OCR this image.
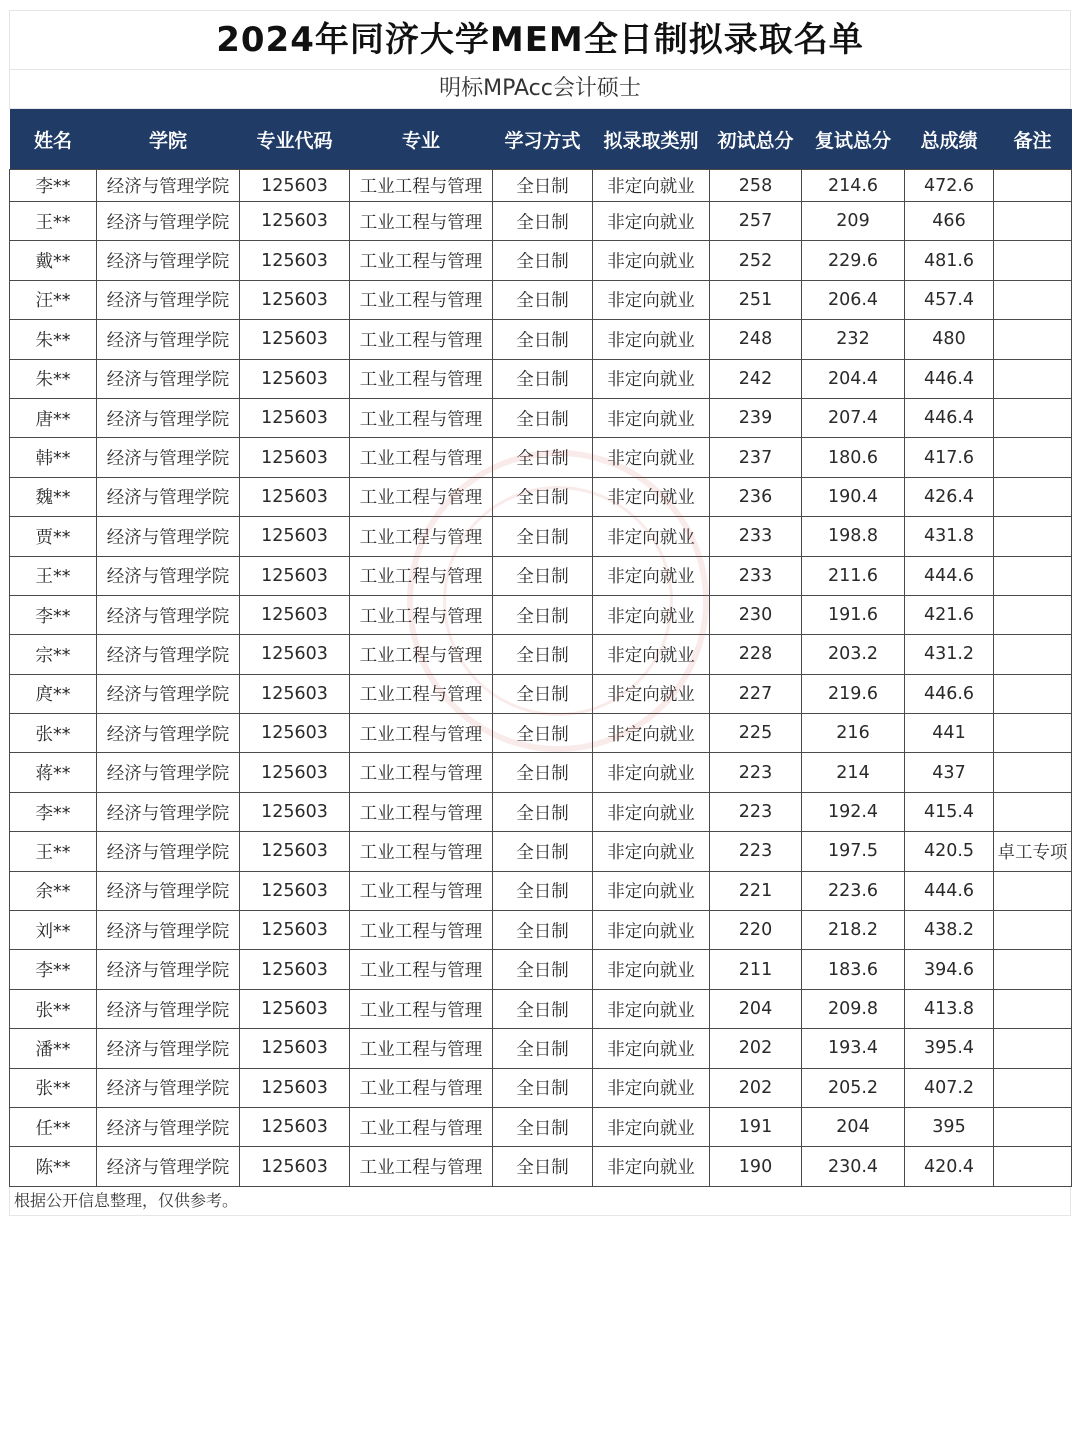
2024年同济大学MEM全日制拟录取名单
明标MPAcc会计硕士
姓名	学院	专业代码	专业	学习方式	拟录取类别	初试总分	复试总分	总成绩	备注
李**	经济与管理学院	125603	工业工程与管理	全日制	非定向就业	258	214.6	472.6	
王**	经济与管理学院	125603	工业工程与管理	全日制	非定向就业	257	209	466	
戴**	经济与管理学院	125603	工业工程与管理	全日制	非定向就业	252	229.6	481.6	
汪**	经济与管理学院	125603	工业工程与管理	全日制	非定向就业	251	206.4	457.4	
朱**	经济与管理学院	125603	工业工程与管理	全日制	非定向就业	248	232	480	
朱**	经济与管理学院	125603	工业工程与管理	全日制	非定向就业	242	204.4	446.4	
唐**	经济与管理学院	125603	工业工程与管理	全日制	非定向就业	239	207.4	446.4	
韩**	经济与管理学院	125603	工业工程与管理	全日制	非定向就业	237	180.6	417.6	
魏**	经济与管理学院	125603	工业工程与管理	全日制	非定向就业	236	190.4	426.4	
贾**	经济与管理学院	125603	工业工程与管理	全日制	非定向就业	233	198.8	431.8	
王**	经济与管理学院	125603	工业工程与管理	全日制	非定向就业	233	211.6	444.6	
李**	经济与管理学院	125603	工业工程与管理	全日制	非定向就业	230	191.6	421.6	
宗**	经济与管理学院	125603	工业工程与管理	全日制	非定向就业	228	203.2	431.2	
庹**	经济与管理学院	125603	工业工程与管理	全日制	非定向就业	227	219.6	446.6	
张**	经济与管理学院	125603	工业工程与管理	全日制	非定向就业	225	216	441	
蒋**	经济与管理学院	125603	工业工程与管理	全日制	非定向就业	223	214	437	
李**	经济与管理学院	125603	工业工程与管理	全日制	非定向就业	223	192.4	415.4	
王**	经济与管理学院	125603	工业工程与管理	全日制	非定向就业	223	197.5	420.5	卓工专项
余**	经济与管理学院	125603	工业工程与管理	全日制	非定向就业	221	223.6	444.6	
刘**	经济与管理学院	125603	工业工程与管理	全日制	非定向就业	220	218.2	438.2	
李**	经济与管理学院	125603	工业工程与管理	全日制	非定向就业	211	183.6	394.6	
张**	经济与管理学院	125603	工业工程与管理	全日制	非定向就业	204	209.8	413.8	
潘**	经济与管理学院	125603	工业工程与管理	全日制	非定向就业	202	193.4	395.4	
张**	经济与管理学院	125603	工业工程与管理	全日制	非定向就业	202	205.2	407.2	
任**	经济与管理学院	125603	工业工程与管理	全日制	非定向就业	191	204	395	
陈**	经济与管理学院	125603	工业工程与管理	全日制	非定向就业	190	230.4	420.4	
根据公开信息整理，仅供参考。
